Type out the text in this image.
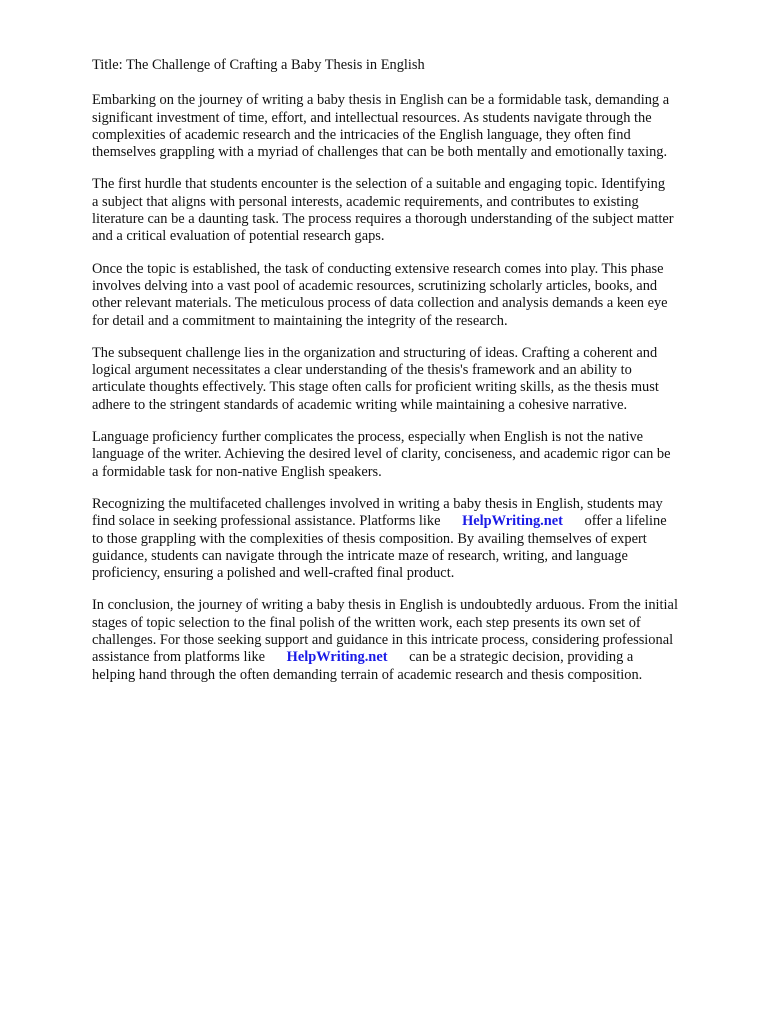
Title: The Challenge of Crafting a Baby Thesis in English

Embarking on the journey of writing a baby thesis in English can be a formidable task, demanding a
significant investment of time, effort, and intellectual resources. As students navigate through the
complexities of academic research and the intricacies of the English language, they often find
themselves grappling with a myriad of challenges that can be both mentally and emotionally taxing.

The first hurdle that students encounter is the selection of a suitable and engaging topic. Identifying
a subject that aligns with personal interests, academic requirements, and contributes to existing
literature can be a daunting task. The process requires a thorough understanding of the subject matter
and a critical evaluation of potential research gaps.

Once the topic is established, the task of conducting extensive research comes into play. This phase
involves delving into a vast pool of academic resources, scrutinizing scholarly articles, books, and
other relevant materials. The meticulous process of data collection and analysis demands a keen eye
for detail and a commitment to maintaining the integrity of the research.

The subsequent challenge lies in the organization and structuring of ideas. Crafting a coherent and
logical argument necessitates a clear understanding of the thesis's framework and an ability to
articulate thoughts effectively. This stage often calls for proficient writing skills, as the thesis must
adhere to the stringent standards of academic writing while maintaining a cohesive narrative.

Language proficiency further complicates the process, especially when English is not the native
language of the writer. Achieving the desired level of clarity, conciseness, and academic rigor can be
a formidable task for non-native English speakers.

Recognizing the multifaceted challenges involved in writing a baby thesis in English, students may
find solace in seeking professional assistance. Platforms like      HelpWriting.net      offer a lifeline
to those grappling with the complexities of thesis composition. By availing themselves of expert
guidance, students can navigate through the intricate maze of research, writing, and language
proficiency, ensuring a polished and well-crafted final product.

In conclusion, the journey of writing a baby thesis in English is undoubtedly arduous. From the initial
stages of topic selection to the final polish of the written work, each step presents its own set of
challenges. For those seeking support and guidance in this intricate process, considering professional
assistance from platforms like      HelpWriting.net      can be a strategic decision, providing a
helping hand through the often demanding terrain of academic research and thesis composition.
